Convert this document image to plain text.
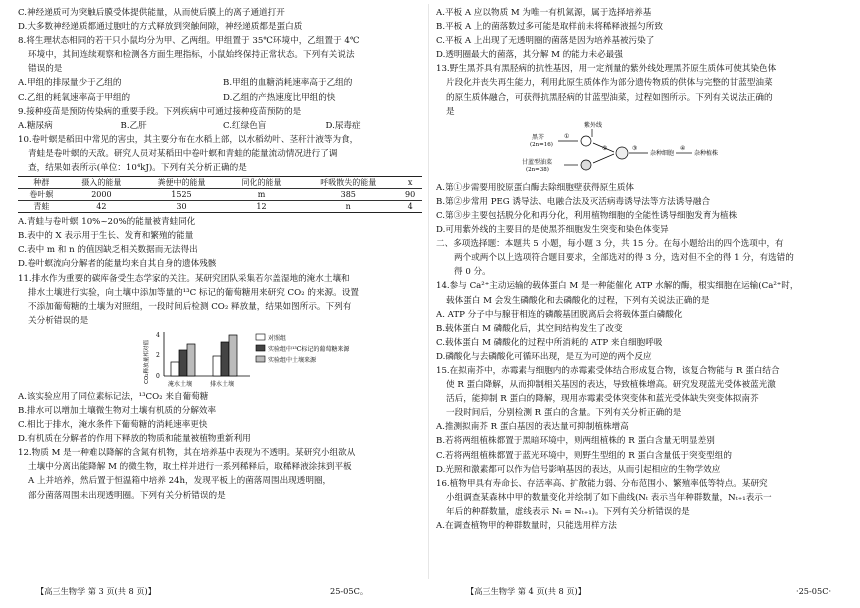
C.神经递质可为突触后膜受体提供能量，从而使后膜上的离子通道打开

D.大多数神经递质都通过胞吐的方式释放到突触间隙，神经递质都是蛋白质

8.将生理状态相同的若干只小鼠均分为甲、乙两组。甲组置于 35℃环境中，乙组置于 4℃

环境中，其间连续观察和检测各方面生理指标，小鼠始终保持正常状态。下列有关说法

错误的是

A.甲组的排尿量少于乙组的	B.甲组的血糖消耗速率高于乙组的
C.乙组的耗氧速率高于甲组的	D.乙组的产热速度比甲组的快

9.接种疫苗是预防传染病的重要手段。下列疾病中可通过接种疫苗预防的是

A.糖尿病	B.乙肝	C.红绿色盲	D.尿毒症

10.卷叶螟是稻田中常见的害虫，其主要分布在水稻上部，以水稻幼叶、茎秆汁液等为食，

青蛙是卷叶螟的天敌。研究人员对某稻田中卷叶螟和青蛙的能量流动情况进行了调

查，结果如表所示(单位：10⁴kJ)。下列有关分析正确的是

种群	摄入的能量	粪便中的能量	同化的能量	呼吸散失的能量	x
卷叶螟	2000	1525	m	385	90
青蛙	42	30	12	n	4

A.青蛙与卷叶螟 10%~20%的能量被青蛙同化

B.表中的 X 表示用于生长、发育和繁殖的能量

C.表中 m 和 n 的值因缺乏相关数据而无法得出

D.卷叶螟流向分解者的能量均来自其自身的遗体残骸

11.排水作为重要的碳库备受生态学家的关注。某研究团队采集若尔盖湿地的淹水土壤和

排水土壤进行实验，向土壤中添加等量的¹³C 标记的葡萄糖用来研究 CO₂ 的来源。设置

不添加葡萄糖的土壤为对照组，一段时间后检测 CO₂ 释放量，结果如图所示。下列有

关分析错误的是

CO₂释放量相对值
4
2
0
淹水土壤	排水土壤
对照组
实验组中¹³C标记的葡萄糖来源
实验组中土壤来源

A.该实验应用了同位素标记法，¹³CO₂ 来自葡萄糖

B.排水可以增加土壤微生物对土壤有机质的分解效率

C.相比于排水，淹水条件下葡萄糖的消耗速率更快

D.有机质在分解者的作用下释放的物质和能量被植物重新利用

12.物质 M 是一种难以降解的含氮有机物，其在培养基中表现为不透明。某研究小组欲从

土壤中分离出能降解 M 的微生物，取土样并进行一系列稀释后，取稀释液涂抹到平板

A 上并培养，然后置于恒温箱中培养 24h，发现平板上的菌落周围出现透明圈，

部分菌落周围未出现透明圈。下列有关分析错误的是

A.平板 A 应以物质 M 为唯一有机氮源，属于选择培养基

B.平板 A 上的菌落数过多可能是取样前未将稀释液摇匀所致

C.平板 A 上出现了无透明圈的菌落是因为培养基被污染了

D.透明圈最大的菌落，其分解 M 的能力未必最强

13.野生黑芥具有黑胫病的抗性基因，用一定剂量的紫外线处理黑芥原生质体可使其染色体

片段化并丧失再生能力，利用此原生质体作为部分遗传物质的供体与完整的甘蓝型油菜

的原生质体融合，可获得抗黑胫病的甘蓝型油菜，过程如图所示。下列有关说法正确的

是

紫外线
黑芥
(2n=16)
甘蓝型油菜
(2n=38)
①
②	③
杂种细胞
④
杂种植株

A.第①步需要用胶原蛋白酶去除细胞壁获得原生质体

B.第②步常用 PEG 诱导法、电融合法及灭活病毒诱导法等方法诱导融合

C.第③步主要包括脱分化和再分化，利用植物细胞的全能性诱导细胞发育为植株

D.可用紫外线的主要目的是使黑芥细胞发生突变和染色体变异

二、多项选择题：本题共 5 小题，每小题 3 分，共 15 分。在每小题给出的四个选项中，有

两个或两个以上选项符合题目要求，全部选对的得 3 分，选对但不全的得 1 分，有选错的

得 0 分。

14.参与 Ca²⁺主动运输的载体蛋白 M 是一种能催化 ATP 水解的酶，根实细胞在运输(Ca²⁺时，

载体蛋白 M 会发生磷酸化和去磷酸化的过程，下列有关说法正确的是

A. ATP 分子中与腺苷相连的磷酸基团脱离后会将载体蛋白磷酸化

B.载体蛋白 M 磷酸化后，其空间结构发生了改变

C.载体蛋白 M 磷酸化的过程中所消耗的 ATP 来自细胞呼吸

D.磷酸化与去磷酸化可循环出现，是互为可逆的两个反应

15.在拟南芥中，赤霉素与细胞内的赤霉素受体结合形成复合物，该复合物能与 R 蛋白结合

使 R 蛋白降解，从而抑制相关基因的表达，导致植株增高。研究发现蓝光受体被蓝光激

活后，能抑制 R 蛋白的降解，现用赤霉素受体突变体和蓝光受体缺失突变体拟南芥

一段时间后，分别检测 R 蛋白的含量。下列有关分析正确的是

A.推测拟南芥 R 蛋白基因的表达量可抑制植株增高

B.若将两组植株都置于黑暗环境中，则两组植株的 R 蛋白含量无明显差别

C.若将两组植株都置于蓝光环境中，则野生型组的 R 蛋白含量低于突变型组的

D.光照和激素都可以作为信号影响基因的表达，从而引起相应的生物学效应

16.植物甲具有寿命长、存活率高、扩散能力弱、分布范围小、繁殖率低等特点。某研究

小组调查某森林中甲的数量变化并绘制了如下曲线(Nₜ 表示当年种群数量，Nₜ₊₁表示一

年后的种群数量，虚线表示 Nₜ = Nₜ₊₁)。下列有关分析错误的是

A.在调查植物甲的种群数量时，只能选用样方法

【高三生物学 第 3 页(共 8 页)】	25-05C。	【高三生物学 第 4 页(共 8 页)】	·25-05C·
